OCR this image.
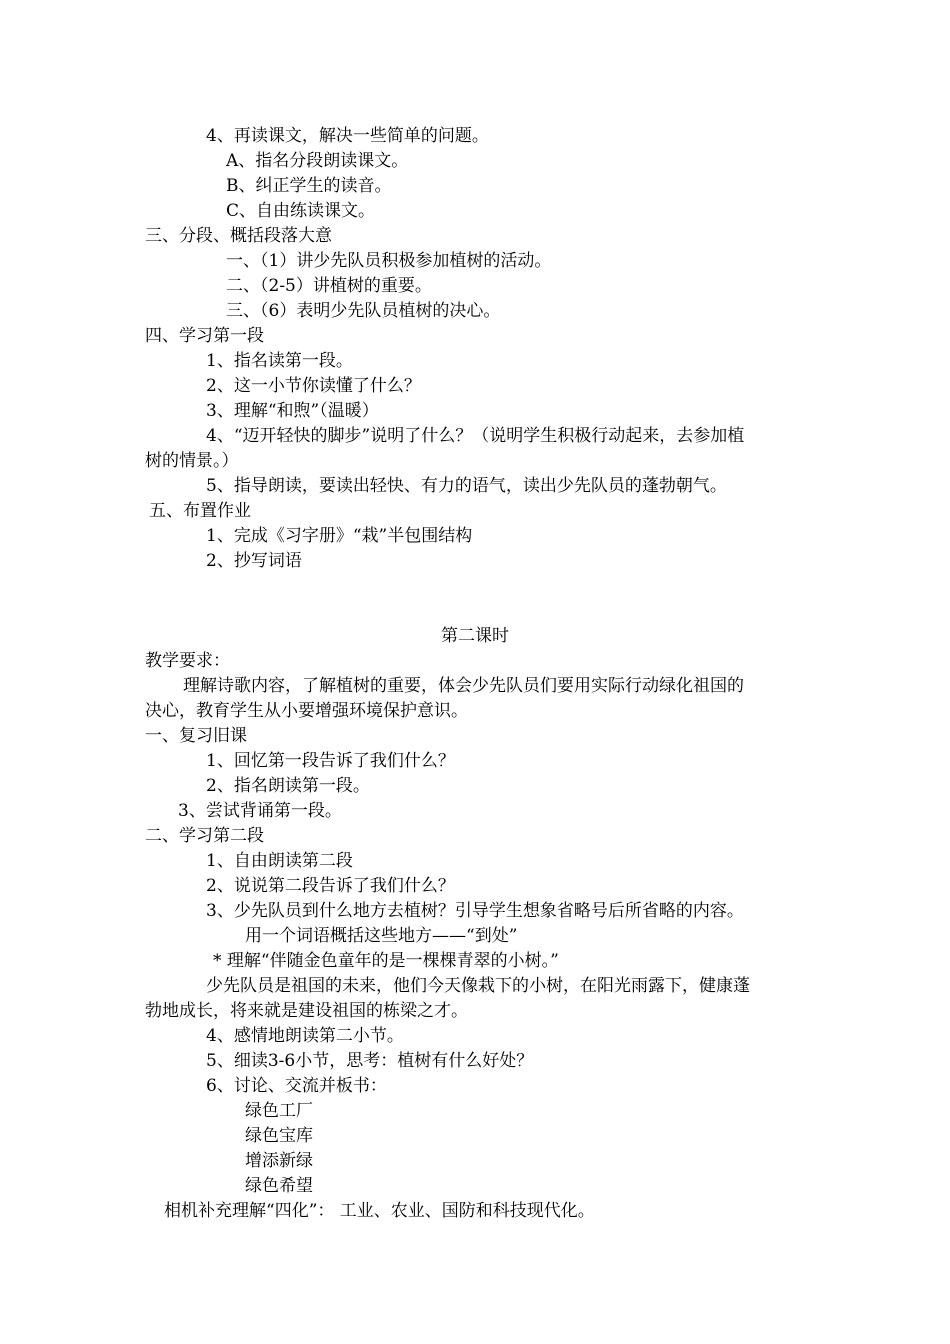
4、再读课文，解决一些简单的问题。
A、指名分段朗读课文。
B、纠正学生的读音。
C、自由练读课文。
三、分段、概括段落大意
一、（1）讲少先队员积极参加植树的活动。
二、（2-5）讲植树的重要。
三、（6）表明少先队员植树的决心。
四、学习第一段
1、指名读第一段。
2、这一小节你读懂了什么？
3、理解“和煦”（温暖）
4、“迈开轻快的脚步”说明了什么？（说明学生积极行动起来，去参加植
树的情景。）
5、指导朗读，要读出轻快、有力的语气，读出少先队员的蓬勃朝气。
五、布置作业
1、完成《习字册》“栽”半包围结构
2、抄写词语
第二课时
教学要求：
理解诗歌内容，了解植树的重要，体会少先队员们要用实际行动绿化祖国的
决心，教育学生从小要增强环境保护意识。
一、复习旧课
1、回忆第一段告诉了我们什么？
2、指名朗读第一段。
3、尝试背诵第一段。
二、学习第二段
1、自由朗读第二段
2、说说第二段告诉了我们什么？
3、少先队员到什么地方去植树？引导学生想象省略号后所省略的内容。
用一个词语概括这些地方——“到处”
* 理解“伴随金色童年的是一棵棵青翠的小树。”
少先队员是祖国的未来，他们今天像栽下的小树，在阳光雨露下，健康蓬
勃地成长，将来就是建设祖国的栋梁之才。
4、感情地朗读第二小节。
5、细读3-6小节，思考：植树有什么好处？
6、讨论、交流并板书：
绿色工厂
绿色宝库
增添新绿
绿色希望
相机补充理解“四化”： 工业、农业、国防和科技现代化。
